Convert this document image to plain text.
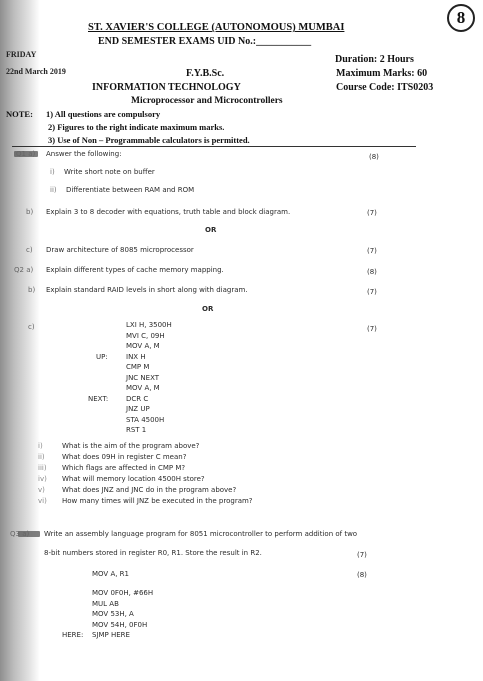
8
ST. XAVIER'S COLLEGE (AUTONOMOUS) MUMBAI
END SEMESTER EXAMS UID No.:___________
FRIDAY
22nd March 2019
Duration: 2 Hours
F.Y.B.Sc.	Maximum Marks: 60
INFORMATION TECHNOLOGY	Course Code: ITS0203
Microprocessor and Microcontrollers
NOTE: 1) All questions are compulsory
2) Figures to the right indicate maximum marks.
3) Use of Non – Programmable calculators is permitted.
Q1 a) Answer the following:	(8)
i) Write short note on buffer
ii) Differentiate between RAM and ROM
b) Explain 3 to 8 decoder with equations, truth table and block diagram.	(7)
OR
c) Draw architecture of 8085 microprocessor	(7)
Q2 a) Explain different types of cache memory mapping.	(8)
b) Explain standard RAID levels in short along with diagram.	(7)
OR
c)	(7)
LXI H, 3500H
MVI C, 09H
MOV A, M
UP:	INX H
CMP M
JNC NEXT
MOV A, M
NEXT:	DCR C
JNZ UP
STA 4500H
RST 1
i)	What is the aim of the program above?
ii) What does 09H in register C mean?
iii) Which flags are affected in CMP M?
iv) What will memory location 4500H store?
v) What does JNZ and JNC do in the program above?
vi) How many times will JNZ be executed in the program?
Q3 a) Write an assembly language program for 8051 microcontroller to perform addition of two
8-bit numbers stored in register R0, R1. Store the result in R2.	(7)
MOV A, R1	(8)
MOV 0F0H, #66H
MUL AB
MOV 53H, A
MOV 54H, 0F0H
HERE: SJMP HERE
